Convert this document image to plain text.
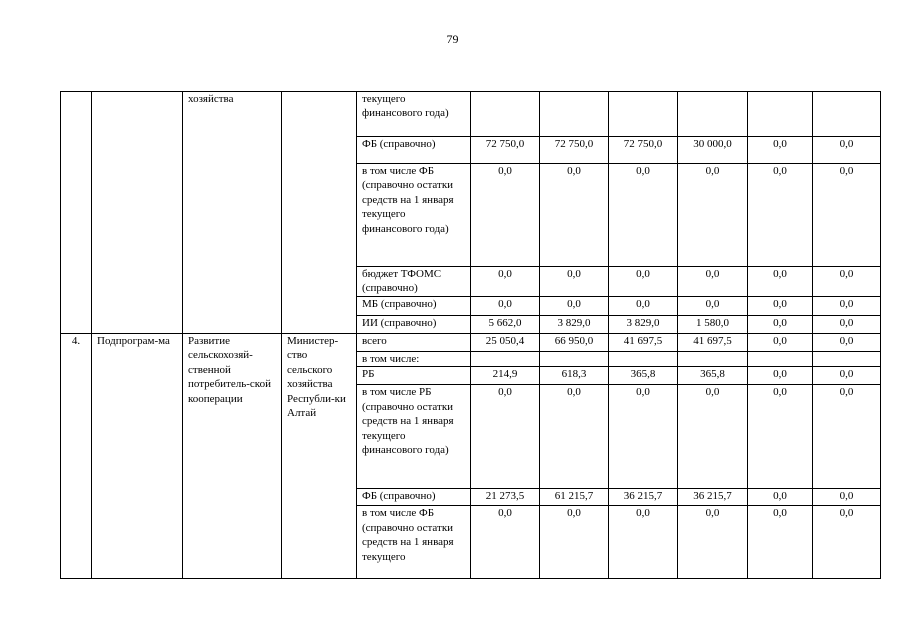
79
		хозяйства		текущего финансового года)						
				ФБ (справочно)	72 750,0	72 750,0	72 750,0	30 000,0	0,0	0,0
				в том числе ФБ (справочно остатки средств на 1 января текущего финансового года)	0,0	0,0	0,0	0,0	0,0	0,0
				бюджет ТФОМС (справочно)	0,0	0,0	0,0	0,0	0,0	0,0
				МБ (справочно)	0,0	0,0	0,0	0,0	0,0	0,0
				ИИ (справочно)	5 662,0	3 829,0	3 829,0	1 580,0	0,0	0,0
4.	Подпрограм-ма	Развитие сельскохозяй-ственной потребитель-ской кооперации	Министер-ство сельского хозяйства Республи-ки Алтай	всего	25 050,4	66 950,0	41 697,5	41 697,5	0,0	0,0
				в том числе:						
				РБ	214,9	618,3	365,8	365,8	0,0	0,0
				в том числе РБ (справочно остатки средств на 1 января текущего финансового года)	0,0	0,0	0,0	0,0	0,0	0,0
				ФБ (справочно)	21 273,5	61 215,7	36 215,7	36 215,7	0,0	0,0
				в том числе ФБ (справочно остатки средств на 1 января текущего	0,0	0,0	0,0	0,0	0,0	0,0
